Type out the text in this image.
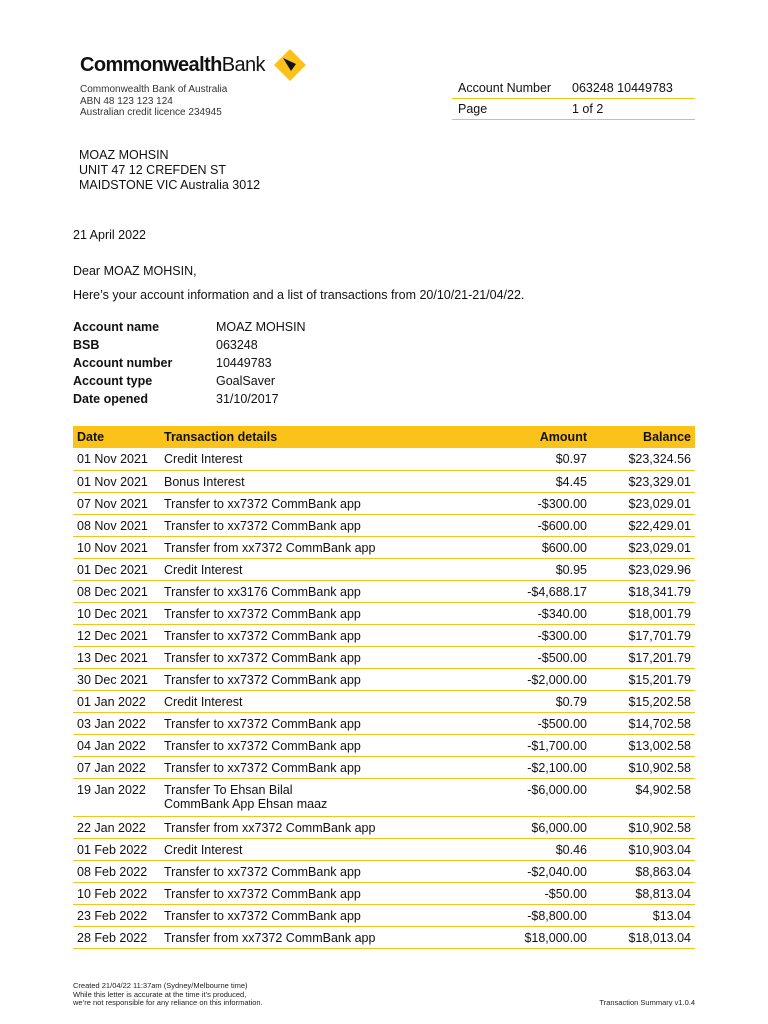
CommonwealthBank
Commonwealth Bank of Australia
ABN 48 123 123 124
Australian credit licence 234945
Account Number	063248 10449783
Page	1 of 2
MOAZ MOHSIN
UNIT 47 12 CREFDEN ST
MAIDSTONE VIC Australia 3012
21 April 2022
Dear MOAZ MOHSIN,
Here’s your account information and a list of transactions from 20/10/21-21/04/22.
Account name	MOAZ MOHSIN
BSB	063248
Account number	10449783
Account type	GoalSaver
Date opened	31/10/2017
Date	Transaction details	Amount	Balance
01 Nov 2021	Credit Interest	$0.97	$23,324.56
01 Nov 2021	Bonus Interest	$4.45	$23,329.01
07 Nov 2021	Transfer to xx7372 CommBank app	-$300.00	$23,029.01
08 Nov 2021	Transfer to xx7372 CommBank app	-$600.00	$22,429.01
10 Nov 2021	Transfer from xx7372 CommBank app	$600.00	$23,029.01
01 Dec 2021	Credit Interest	$0.95	$23,029.96
08 Dec 2021	Transfer to xx3176 CommBank app	-$4,688.17	$18,341.79
10 Dec 2021	Transfer to xx7372 CommBank app	-$340.00	$18,001.79
12 Dec 2021	Transfer to xx7372 CommBank app	-$300.00	$17,701.79
13 Dec 2021	Transfer to xx7372 CommBank app	-$500.00	$17,201.79
30 Dec 2021	Transfer to xx7372 CommBank app	-$2,000.00	$15,201.79
01 Jan 2022	Credit Interest	$0.79	$15,202.58
03 Jan 2022	Transfer to xx7372 CommBank app	-$500.00	$14,702.58
04 Jan 2022	Transfer to xx7372 CommBank app	-$1,700.00	$13,002.58
07 Jan 2022	Transfer to xx7372 CommBank app	-$2,100.00	$10,902.58
19 Jan 2022	Transfer To Ehsan Bilal
CommBank App Ehsan maaz	-$6,000.00	$4,902.58
22 Jan 2022	Transfer from xx7372 CommBank app	$6,000.00	$10,902.58
01 Feb 2022	Credit Interest	$0.46	$10,903.04
08 Feb 2022	Transfer to xx7372 CommBank app	-$2,040.00	$8,863.04
10 Feb 2022	Transfer to xx7372 CommBank app	-$50.00	$8,813.04
23 Feb 2022	Transfer to xx7372 CommBank app	-$8,800.00	$13.04
28 Feb 2022	Transfer from xx7372 CommBank app	$18,000.00	$18,013.04
Created 21/04/22 11:37am (Sydney/Melbourne time)
While this letter is accurate at the time it’s produced,
we’re not responsible for any reliance on this information.	Transaction Summary v1.0.4
